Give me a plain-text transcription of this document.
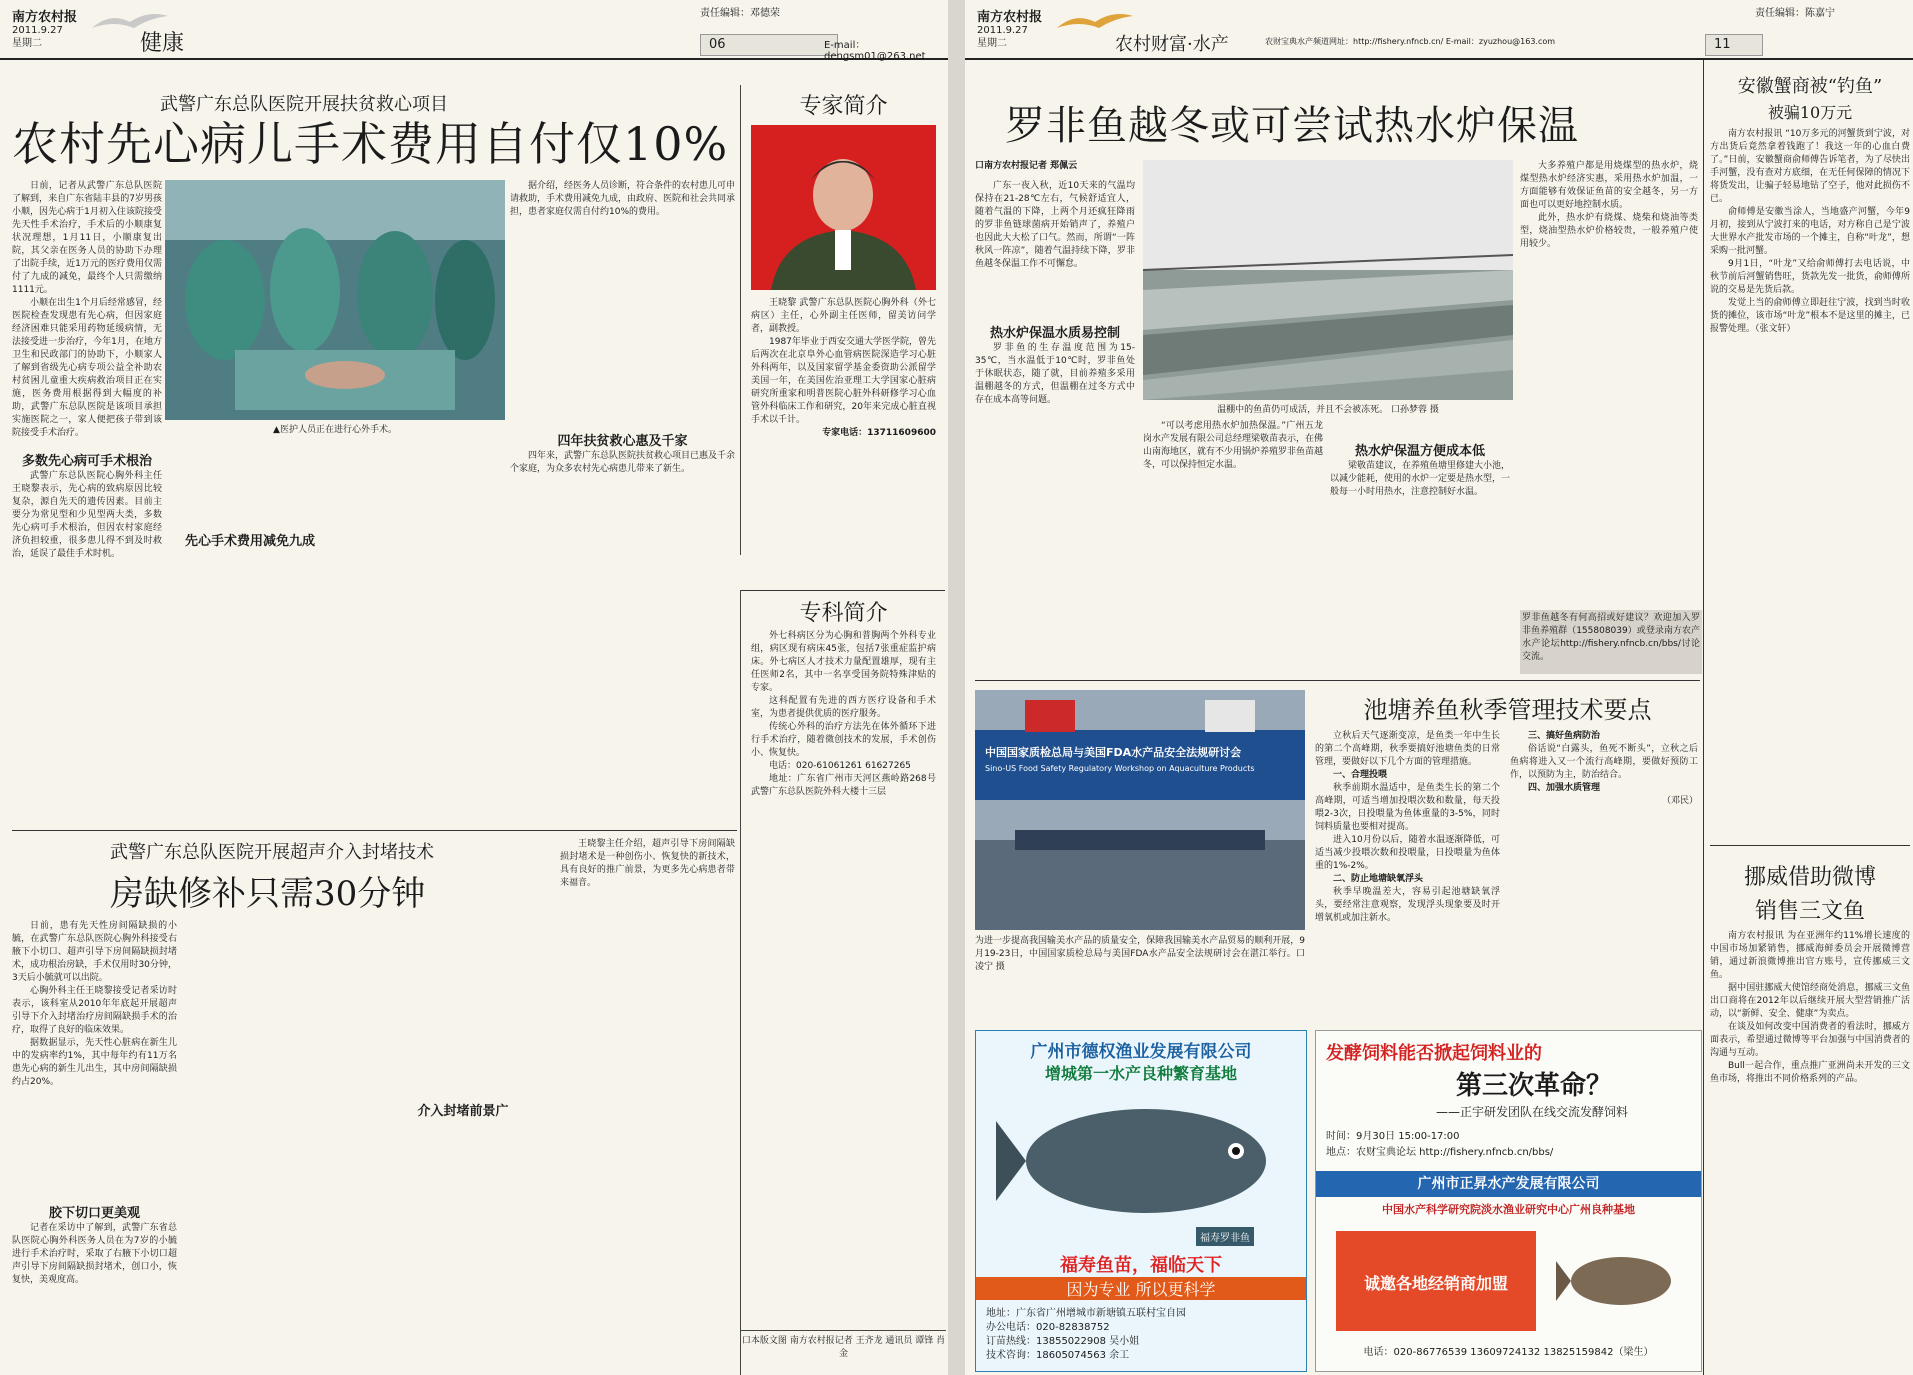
南方农村报
2011.9.27
星期二	健康
责任编辑：邓德荣
06	E-mail：dengsm01@263.net
武警广东总队医院开展扶贫救心项目
农村先心病儿手术费用自付仅10%

日前，记者从武警广东总队医院了解到，来自广东省陆丰县的7岁男孩小顺，因先心病于1月初入住该院接受先天性手术治疗，手术后的小顺康复状况理想，1月11日，小顺康复出院，其父亲在医务人员的协助下办理了出院手续，近1万元的医疗费用仅需付了九成的减免，最终个人只需缴纳1111元。

小顺在出生1个月后经常感冒，经医院检查发现患有先心病，但因家庭经济困难只能采用药物延缓病情，无法接受进一步治疗，今年1月，在地方卫生和民政部门的协助下，小顺家人了解到省级先心病专项公益全补助农村贫困儿童重大疾病救治项目正在实施，医务费用根据得到大幅度的补助，武警广东总队医院是该项目承担实施医院之一，家人便把孩子带到该院接受手术治疗。	▲医护人员正在进行心外手术。

据介绍，经医务人员诊断，符合条件的农村患儿可申请救助，手术费用减免九成，由政府、医院和社会共同承担，患者家庭仅需自付约10%的费用。

四年扶贫救心惠及千家

四年来，武警广东总队医院扶贫救心项目已惠及千余个家庭，为众多农村先心病患儿带来了新生。

多数先心病可手术根治

武警广东总队医院心胸外科主任王晓黎表示，先心病的致病原因比较复杂，源自先天的遗传因素。目前主要分为常见型和少见型两大类，多数先心病可手术根治，但因农村家庭经济负担较重，很多患儿得不到及时救治，延误了最佳手术时机。

先心手术费用减免九成
专家简介

王晓黎 武警广东总队医院心胸外科（外七病区）主任，心外副主任医师，留美访问学者，副教授。

1987年毕业于西安交通大学医学院，曾先后两次在北京阜外心血管病医院深造学习心脏外科两年，以及国家留学基金委资助公派留学美国一年，在美国佐治亚理工大学国家心脏病研究所重家和明普医院心脏外科研修学习心血管外科临床工作和研究，20年来完成心脏直视手术以千计。

专家电话：13711609600

专科简介

外七科病区分为心胸和普胸两个外科专业组，病区现有病床45张，包括7张重症监护病床。外七病区人才技术力量配置雄厚，现有主任医师2名，其中一名享受国务院特殊津贴的专家。

这科配置有先进的西方医疗设备和手术室，为患者提供优质的医疗服务。

传统心外科的治疗方法先在体外循环下进行手术治疗，随着微创技术的发展，手术创伤小、恢复快。

电话：020-61061261 61627265

地址：广东省广州市天河区燕岭路268号武警广东总队医院外科大楼十三层

口本版文图 南方农村报记者 王齐龙 通讯员 谭锋 肖金
武警广东总队医院开展超声介入封堵技术
房缺修补只需30分钟

王晓黎主任介绍，超声引导下房间隔缺损封堵术是一种创伤小、恢复快的新技术，具有良好的推广前景，为更多先心病患者带来福音。

日前，患有先天性房间隔缺损的小毓，在武警广东总队医院心胸外科接受右腋下小切口、超声引导下房间隔缺损封堵术，成功根治房缺，手术仅用时30分钟，3天后小毓就可以出院。

心胸外科主任王晓黎接受记者采访时表示，该科室从2010年年底起开展超声引导下介入封堵治疗房间隔缺损手术的治疗，取得了良好的临床效果。

据数据显示，先天性心脏病在新生儿中的发病率约1%，其中每年约有11万名患先心病的新生儿出生，其中房间隔缺损约占20%。

胶下切口更美观

记者在采访中了解到，武警广东省总队医院心胸外科医务人员在为7岁的小毓进行手术治疗时，采取了右腋下小切口超声引导下房间隔缺损封堵术，创口小，恢复快，美观度高。

介入封堵前景广
南方农村报
2011.9.27
星期二	农村财富·水产
责任编辑：陈嘉宁
农财宝典水产频道网址：http://fishery.nfncb.cn/ E-mail：zyuzhou@163.com	11
罗非鱼越冬或可尝试热水炉保温
口南方农村报记者 郑佩云

广东一夜入秋，近10天来的气温均保持在21-28℃左右，气候舒适宜人，随着气温的下降，上两个月还疯狂降雨的罗非鱼链球菌病开始销声了，养殖户也因此大大松了口气。然而，所谓“一阵秋风一阵凉”，随着气温持续下降，罗非鱼越冬保温工作不可懈怠。

热水炉保温水质易控制

罗非鱼的生存温度范围为15-35℃，当水温低于10℃时，罗非鱼处于休眠状态，随了就，目前养殖多采用温棚越冬的方式，但温棚在过冬方式中存在成本高等问题。

温棚中的鱼苗仍可成活，并且不会被冻死。 口孙梦蓉 摄

“可以考虑用热水炉加热保温。”广州五龙岗水产发展有限公司总经理梁敬苗表示，在佛山南海地区，就有不少用锅炉养殖罗非鱼苗越冬，可以保持恒定水温。

热水炉保温方便成本低

梁敬苗建议，在养殖鱼塘里修建大小池，以减少能耗，使用的水炉一定要是热水型，一般每一小时用热水，注意控制好水温。

大多养殖户都是用烧煤型的热水炉，烧煤型热水炉经济实惠，采用热水炉加温，一方面能够有效保证鱼苗的安全越冬，另一方面也可以更好地控制水质。

此外，热水炉有烧煤、烧柴和烧油等类型，烧油型热水炉价格较贵，一般养殖户使用较少。

罗非鱼越冬有何高招或好建议？欢迎加入罗非鱼养殖群（155808039）或登录南方农产水产论坛http://fishery.nfncb.cn/bbs/讨论交流。
安徽蟹商被“钓鱼”
被骗10万元

南方农村报讯 “10万多元的河蟹货到宁波，对方出货后竟然拿着钱跑了！我这一年的心血白费了。”日前，安徽蟹商俞师傅告诉笔者，为了尽快出手河蟹，没有查对方底细，在无任何保障的情况下将货发出，让骗子轻易地钻了空子，他对此损伤不已。

俞师傅是安徽当涂人，当地盛产河蟹，今年9月初，接到从宁波打来的电话，对方称自己是宁波大世界水产批发市场的一个摊主，自称“叶龙”，想采购一批河蟹。

9月1日，“叶龙”又给俞师傅打去电话说，中秋节前后河蟹销售旺，货款先发一批货，俞师傅所说的交易是先货后款。

发觉上当的俞师傅立即赶往宁波，找到当时收货的摊位，该市场“叶龙”根本不是这里的摊主，已报警处理。（张文轩）

挪威借助微博
销售三文鱼

南方农村报讯 为在亚洲年约11%增长速度的中国市场加紧销售，挪威海鲜委员会开展微博营销，通过新浪微博推出官方账号，宣传挪威三文鱼。

据中国驻挪威大使馆经商处消息，挪威三文鱼出口商将在2012年以后继续开展大型营销推广活动，以“新鲜、安全、健康”为卖点。

在谈及如何改变中国消费者的看法时，挪威方面表示，希望通过微博等平台加强与中国消费者的沟通与互动。

Bull一起合作，重点推广亚洲尚未开发的三文鱼市场，将推出不同价格系列的产品。

中国国家质检总局与美国FDA水产品安全法规研讨会
Sino-US Food Safety Regulatory Workshop on Aquaculture Products
为进一步提高我国输美水产品的质量安全，保障我国输美水产品贸易的顺利开展，9月19-23日，中国国家质检总局与美国FDA水产品安全法规研讨会在湛江举行。口凌宁 摄
池塘养鱼秋季管理技术要点

立秋后天气逐渐变凉，是鱼类一年中生长的第二个高峰期，秋季要搞好池塘鱼类的日常管理，要做好以下几个方面的管理措施。

一、合理投喂

秋季前期水温适中，是鱼类生长的第二个高峰期，可适当增加投喂次数和数量，每天投喂2-3次，日投喂量为鱼体重量的3-5%，同时饲料质量也要相对提高。

进入10月份以后，随着水温逐渐降低，可适当减少投喂次数和投喂量，日投喂量为鱼体重的1%-2%。

二、防止地塘缺氧浮头

秋季早晚温差大，容易引起池塘缺氧浮头，要经常注意观察，发现浮头现象要及时开增氧机或加注新水。

三、搞好鱼病防治

俗话说“白露头，鱼死不断头”，立秋之后鱼病将进入又一个流行高峰期，要做好预防工作，以预防为主，防治结合。

四、加强水质管理

（邓民）

广州市德权渔业发展有限公司
增城第一水产良种繁育基地
福寿罗非鱼
福寿鱼苗，福临天下
因为专业 所以更科学
地址：广东省广州增城市新塘镇五联村宝自园
办公电话：020-82838752
订苗热线：13855022908 吴小姐
技术咨询：18605074563 余工
发酵饲料能否掀起饲料业的
第三次革命？
——正宇研发团队在线交流发酵饲料
时间：9月30日 15:00-17:00
地点：农财宝典论坛 http://fishery.nfncb.cn/bbs/
广州市正昇水产发展有限公司
中国水产科学研究院淡水渔业研究中心广州良种基地
诚邀各地经销商加盟
电话：020-86776539 13609724132 13825159842（梁生）
